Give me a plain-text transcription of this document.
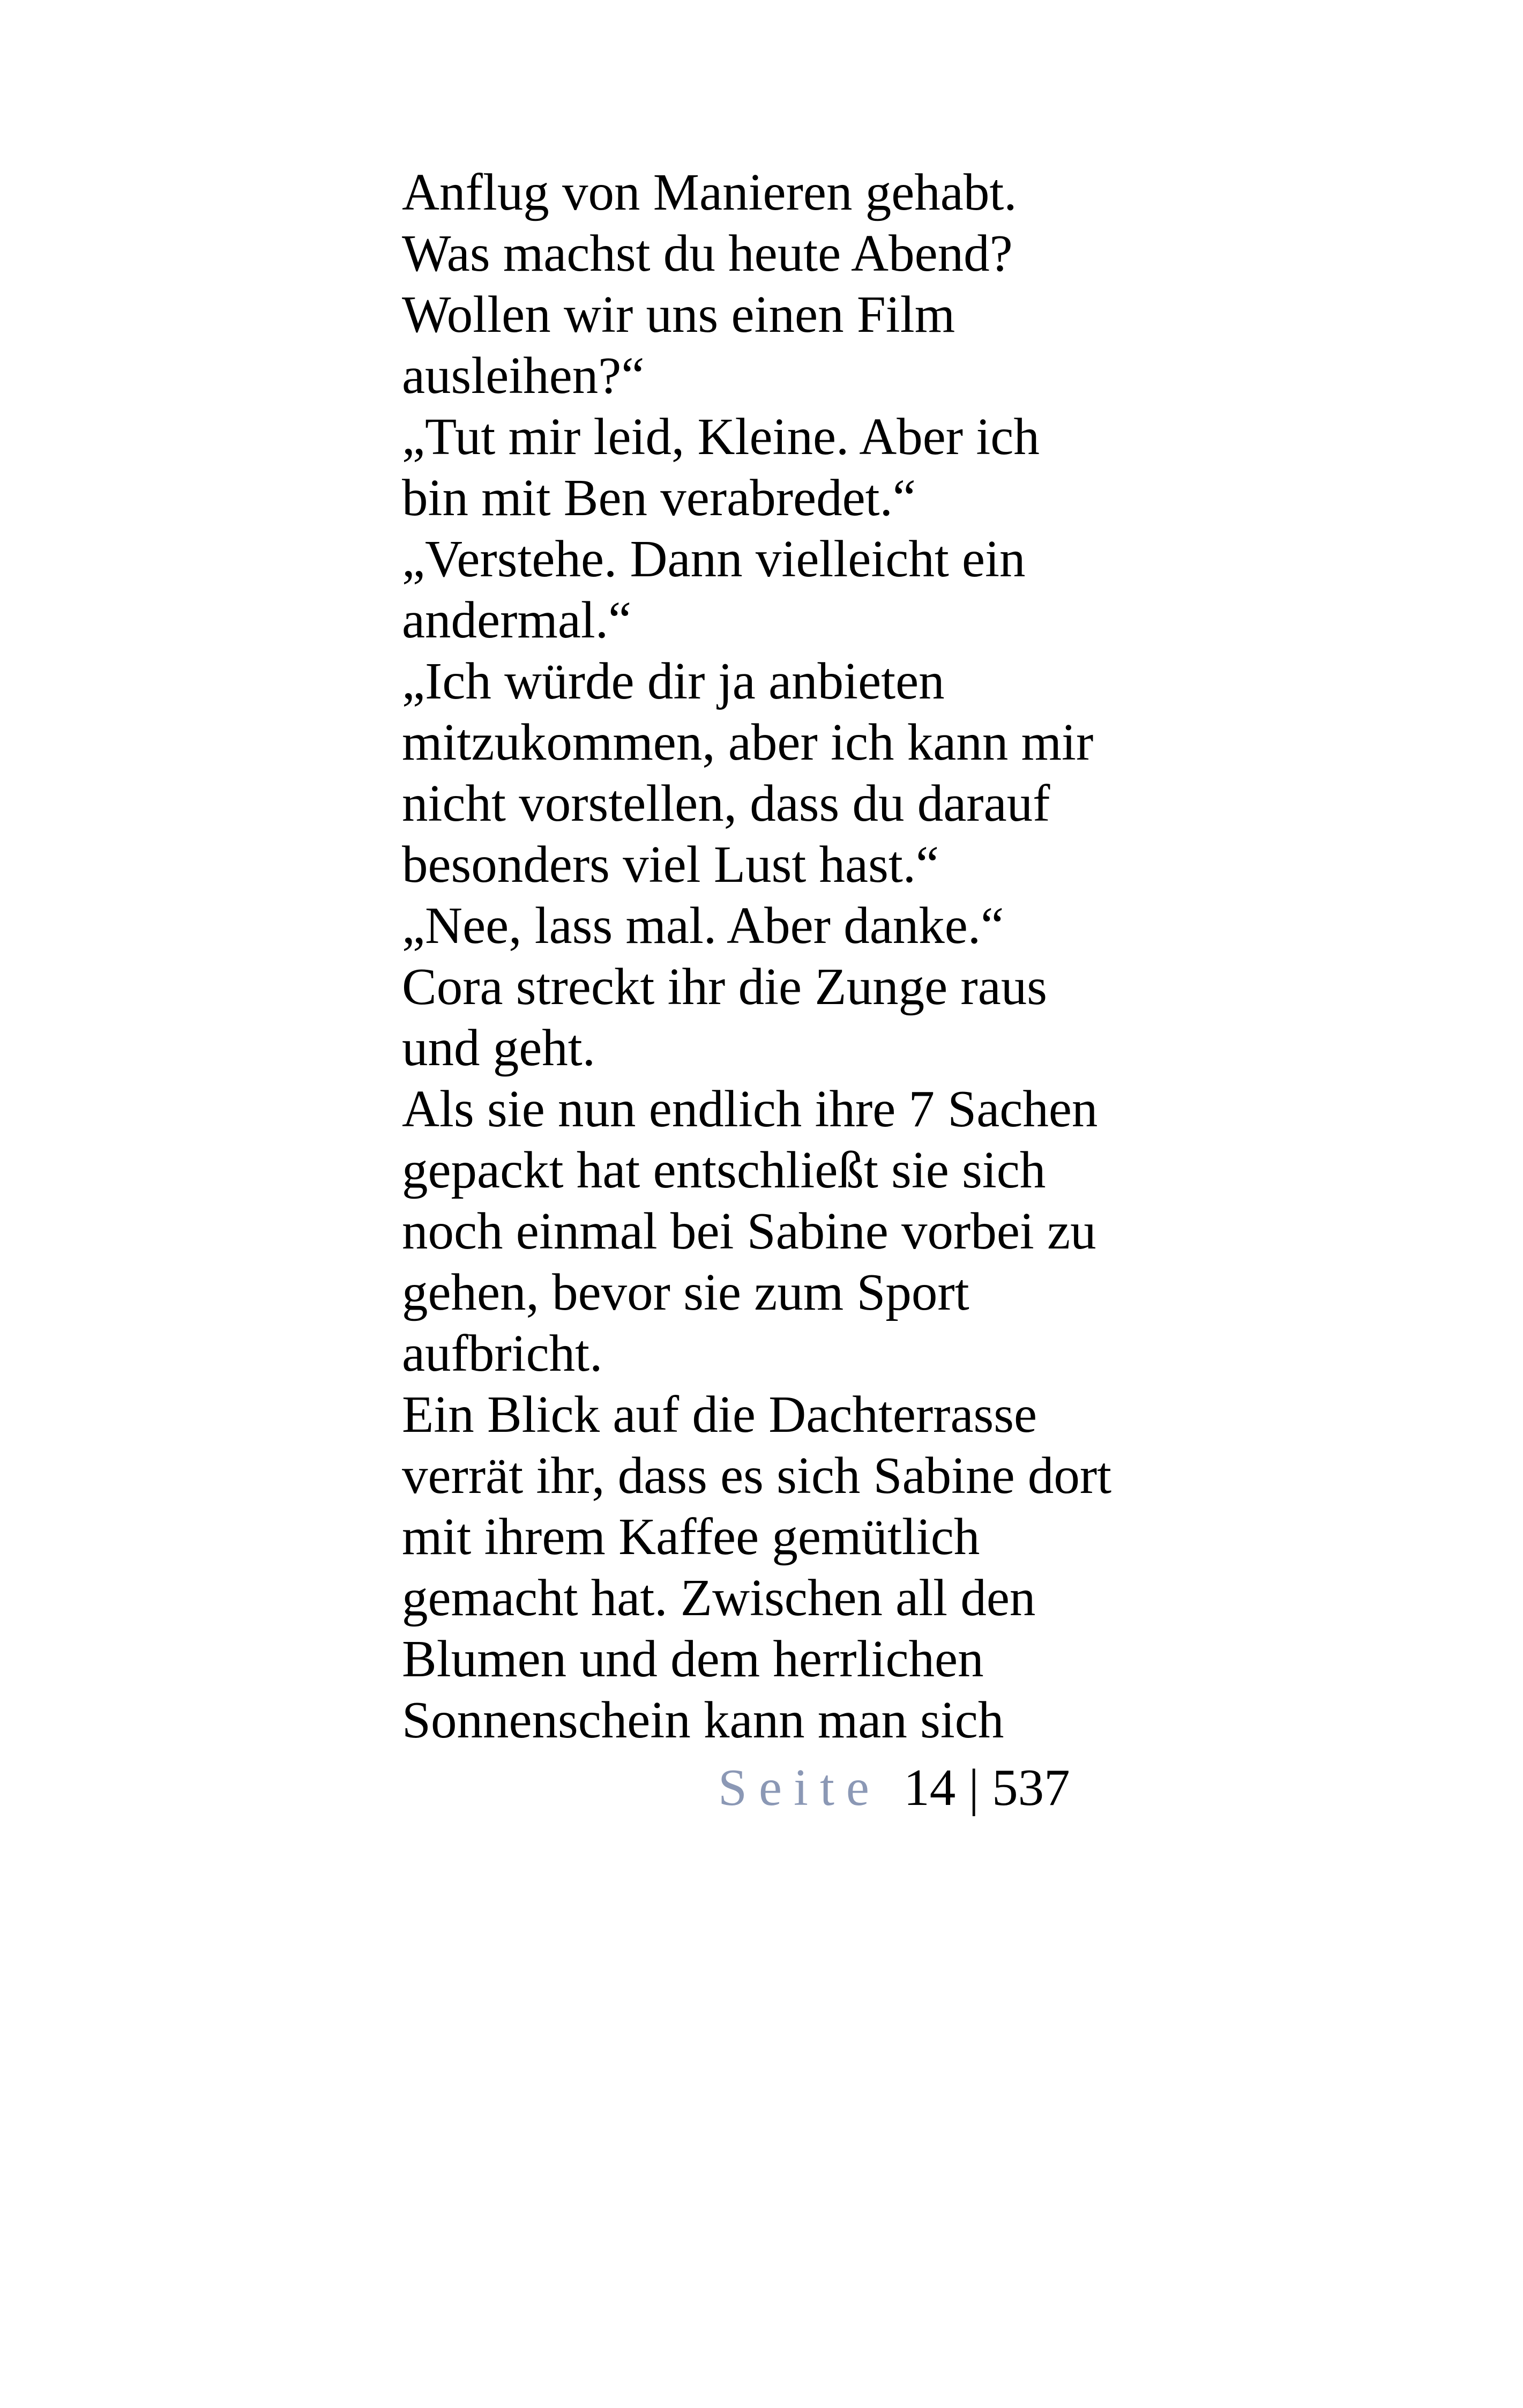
Anflug von Manieren gehabt.
Was machst du heute Abend?
Wollen wir uns einen Film
ausleihen?“
„Tut mir leid, Kleine. Aber ich
bin mit Ben verabredet.“
„Verstehe. Dann vielleicht ein
andermal.“
„Ich würde dir ja anbieten
mitzukommen, aber ich kann mir
nicht vorstellen, dass du darauf
besonders viel Lust hast.“
„Nee, lass mal. Aber danke.“
Cora streckt ihr die Zunge raus
und geht.
Als sie nun endlich ihre 7 Sachen
gepackt hat entschließt sie sich
noch einmal bei Sabine vorbei zu
gehen, bevor sie zum Sport
aufbricht.
Ein Blick auf die Dachterrasse
verrät ihr, dass es sich Sabine dort
mit ihrem Kaffee gemütlich
gemacht hat. Zwischen all den
Blumen und dem herrlichen
Sonnenschein kann man sich
Seite 14 | 537
